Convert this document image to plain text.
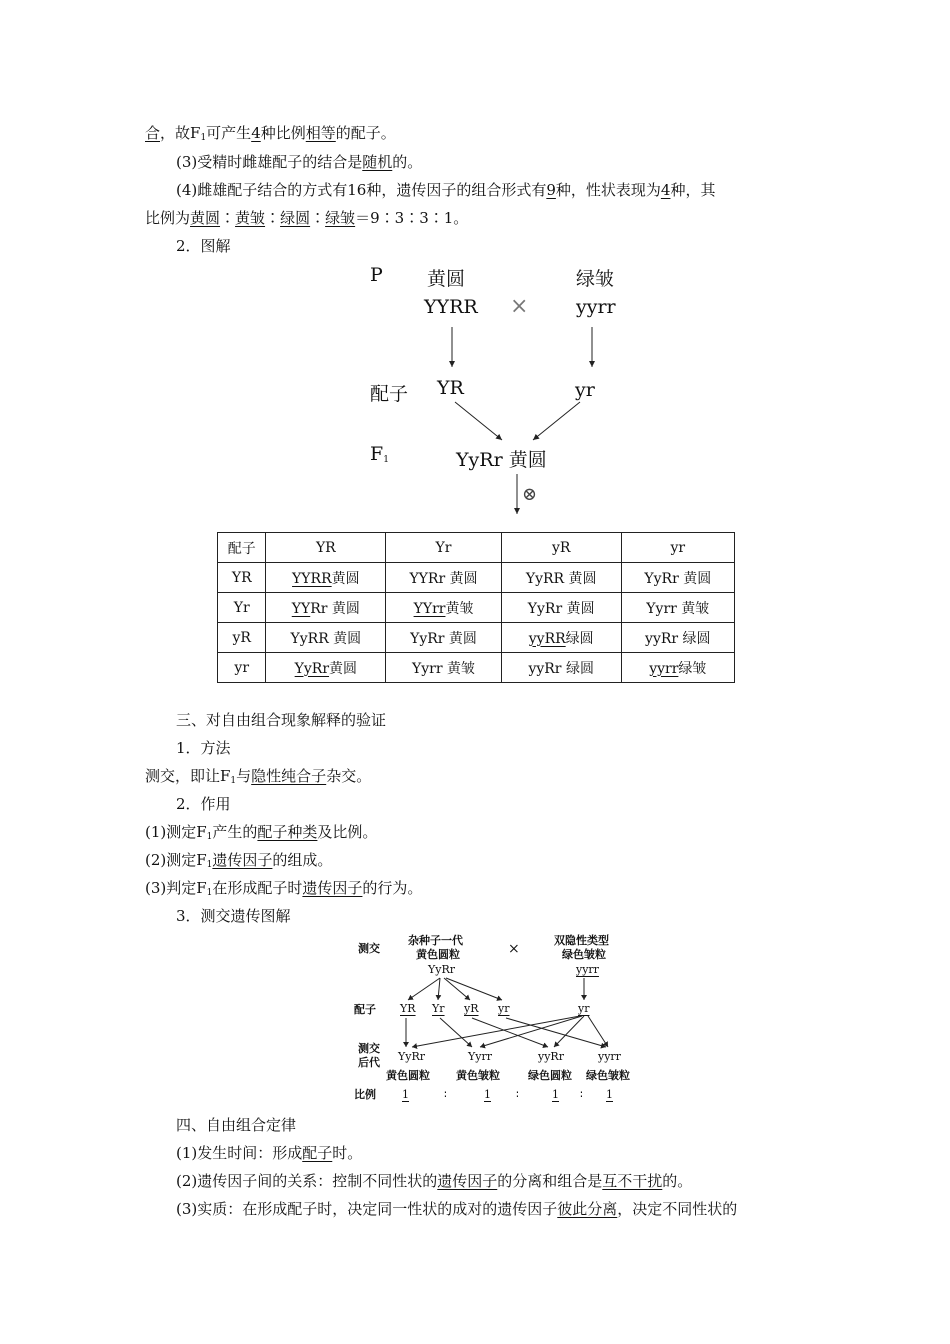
合，故$F_1$可产生4种比例相等的配子。
(3)受精时雌雄配子的结合是随机的。
(4)雌雄配子结合的方式有16种，遗传因子的组合形式有9种，性状表现为4种，其
比例为黄圆∶黄皱∶绿圆∶绿皱＝9∶3∶3∶1。
2．图解
P 黄圆	绿皱
YYRR ×	yyrr
配子 YR	yr
$F_1$	YyRr 黄圆
⊗
配子	YR	Yr	yR	yr
YR	YYRR黄圆	YYRr 黄圆	YyRR 黄圆	YyRr 黄圆
Yr	YYRr 黄圆	YYrr黄皱	YyRr 黄圆	Yyrr 黄皱
yR	YyRR 黄圆	YyRr 黄圆	yyRR绿圆	yyRr 绿圆
yr	YyRr黄圆	Yyrr 黄皱	yyRr 绿圆	yyrr绿皱
三、对自由组合现象解释的验证
1．方法
测交，即让$F_1$与隐性纯合子杂交。
2．作用
(1)测定$F_1$产生的配子种类及比例。
(2)测定$F_1$遗传因子的组成。
(3)判定$F_1$在形成配子时遗传因子的行为。
3．测交遗传图解
测交
杂种子一代
黄色圆粒
YyRr
×
双隐性类型
绿色皱粒
yyrr
配子 YR Yr yR yr	yr
测交
后代 YyRr	Yyrr	yyRr	yyrr
黄色圆粒 黄色皱粒	绿色圆粒 绿色皱粒
比例 1	∶	1 ∶	1 ∶ 1
四、自由组合定律
(1)发生时间：形成配子时。
(2)遗传因子间的关系：控制不同性状的遗传因子的分离和组合是互不干扰的。
(3)实质：在形成配子时，决定同一性状的成对的遗传因子彼此分离，决定不同性状的
